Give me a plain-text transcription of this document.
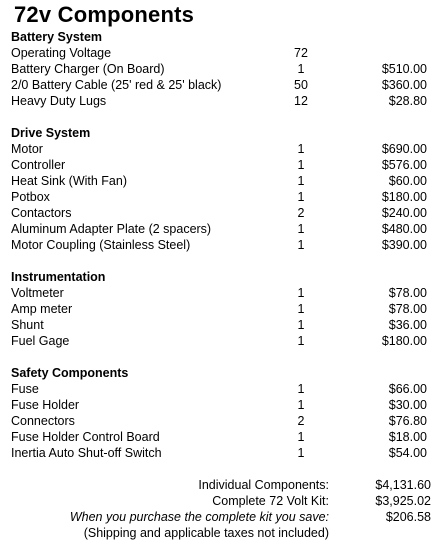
72v Components
Battery System
Operating Voltage	72
Battery Charger (On Board)	1	$510.00
2/0 Battery Cable (25' red & 25' black)	50	$360.00
Heavy Duty Lugs	12	$28.80
Drive System
Motor	1	$690.00
Controller	1	$576.00
Heat Sink (With Fan)	1	$60.00
Potbox	1	$180.00
Contactors	2	$240.00
Aluminum Adapter Plate (2 spacers)	1	$480.00
Motor Coupling (Stainless Steel)	1	$390.00
Instrumentation
Voltmeter	1	$78.00
Amp meter	1	$78.00
Shunt	1	$36.00
Fuel Gage	1	$180.00
Safety Components
Fuse	1	$66.00
Fuse Holder	1	$30.00
Connectors	2	$76.80
Fuse Holder Control Board	1	$18.00
Inertia Auto Shut-off Switch	1	$54.00
Individual Components:	$4,131.60
Complete 72 Volt Kit:	$3,925.02
When you purchase the complete kit you save:	$206.58
(Shipping and applicable taxes not included)
